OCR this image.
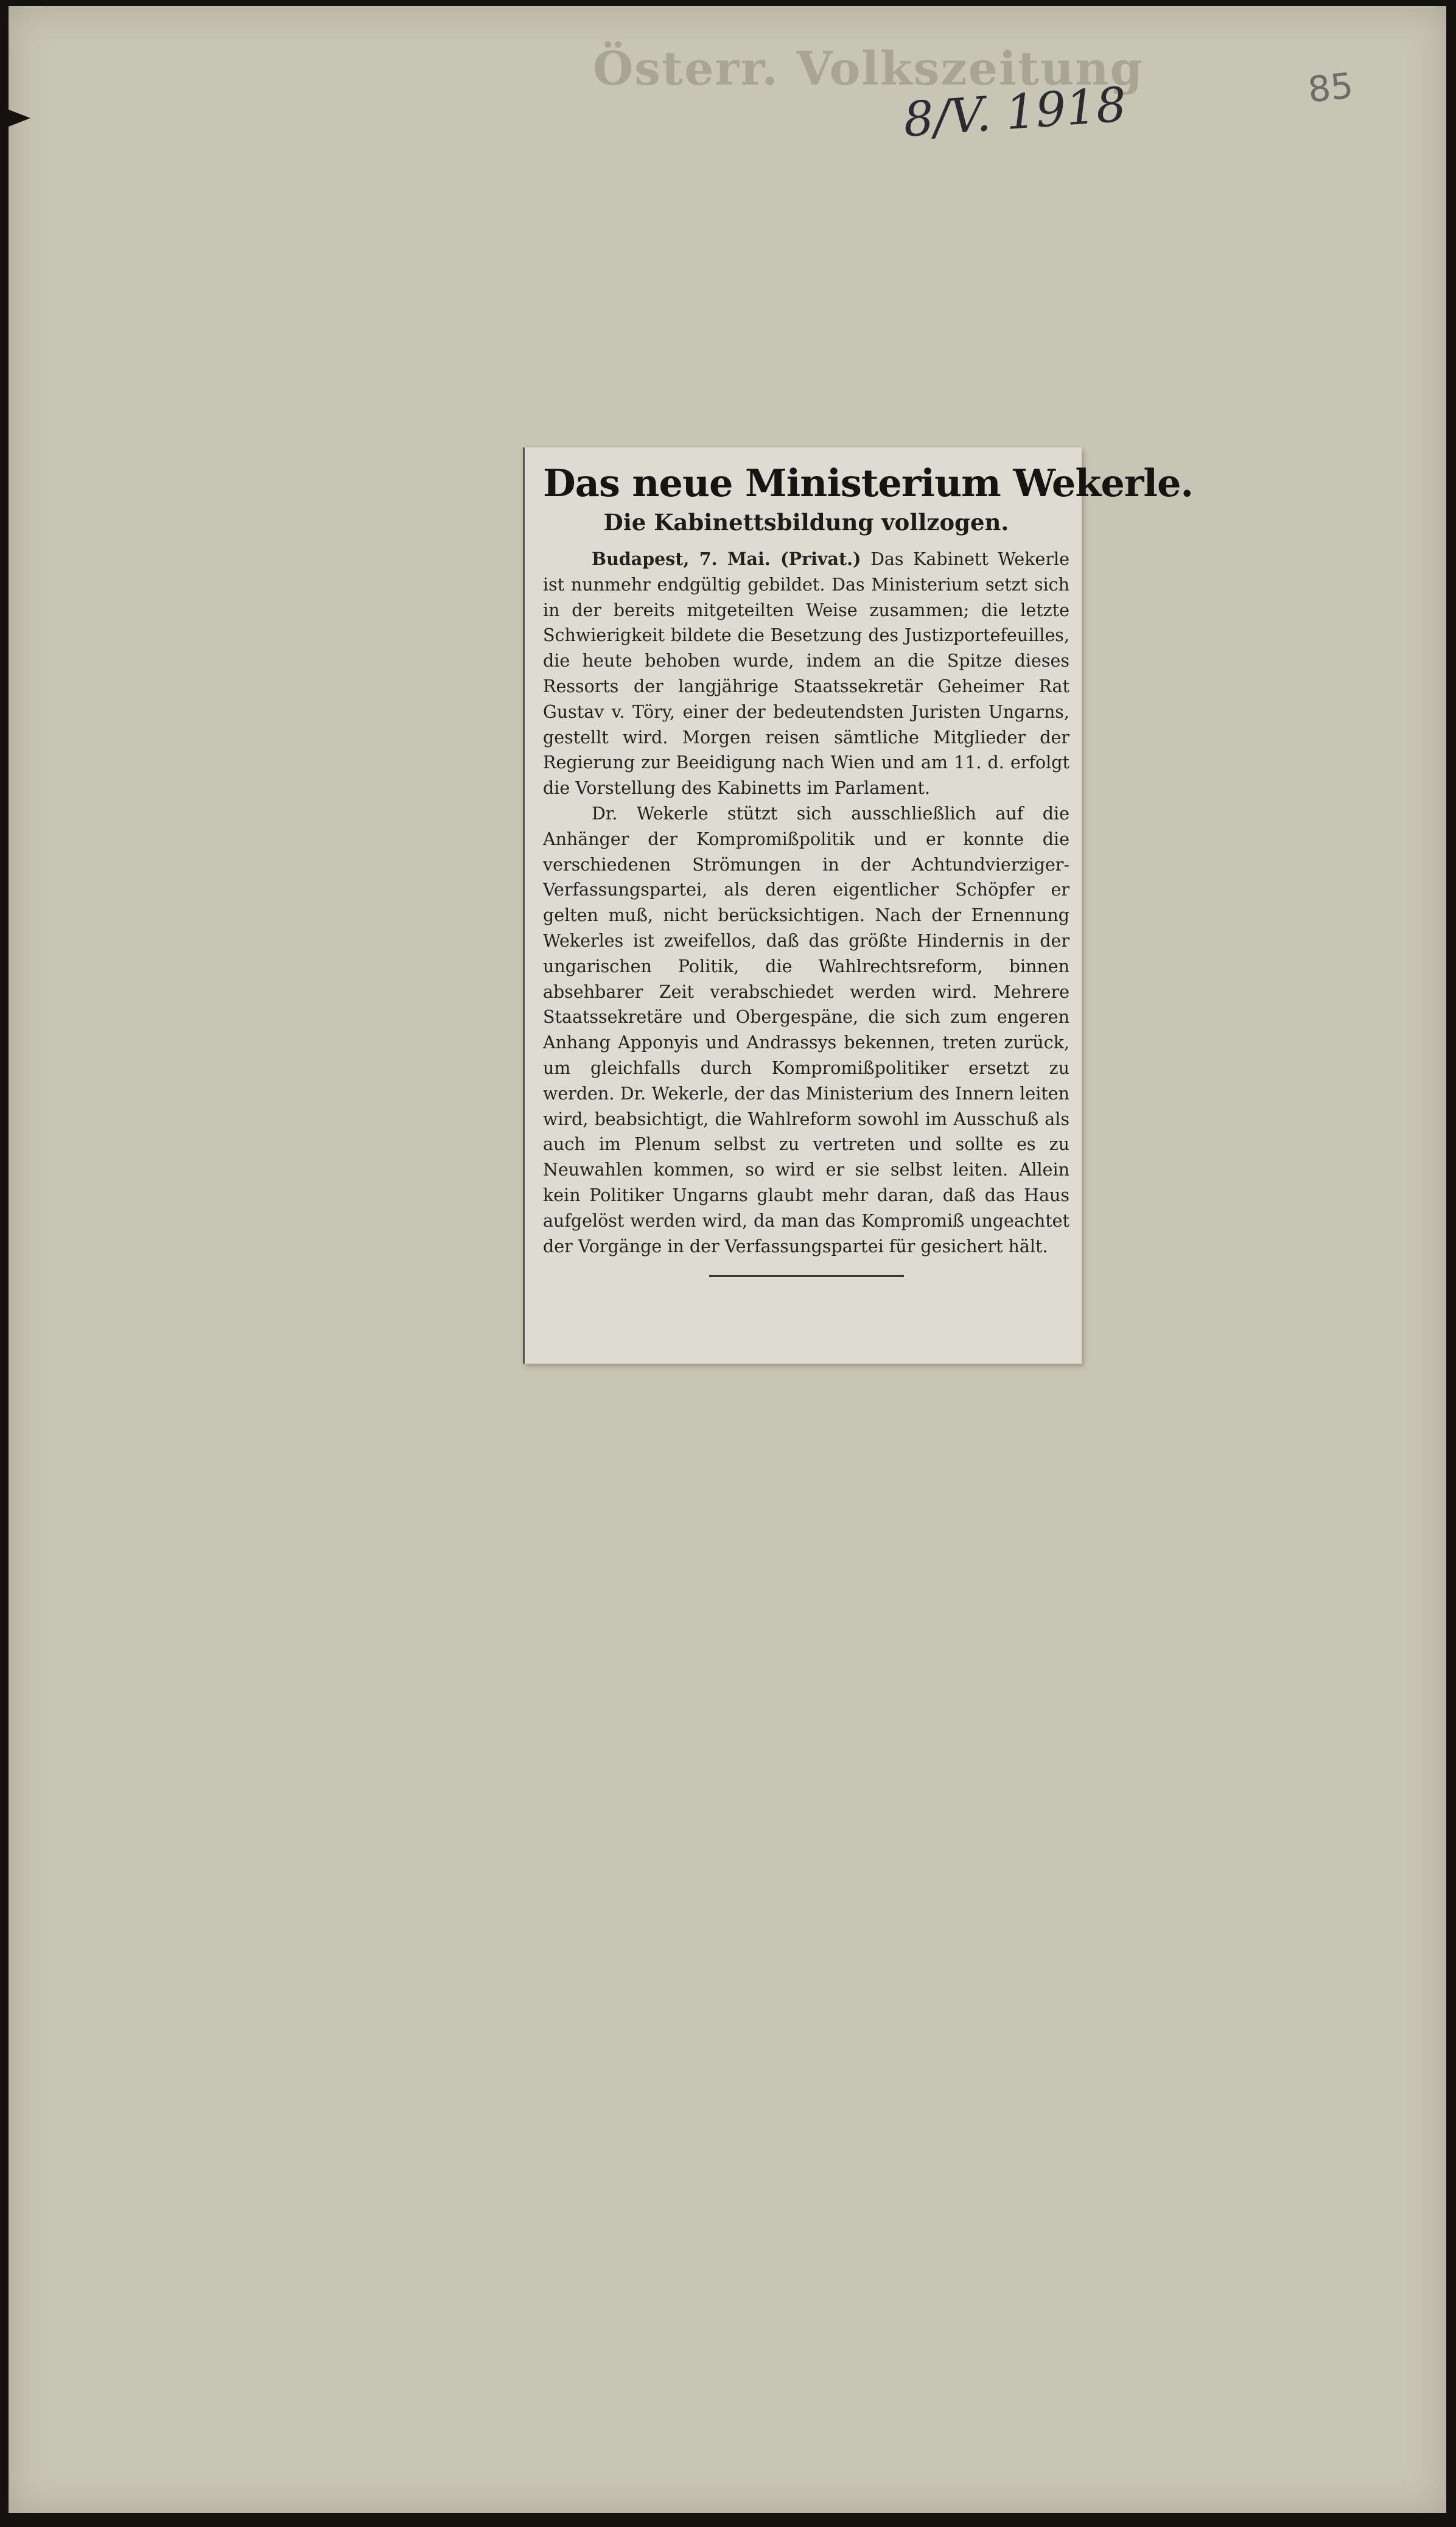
Österr. Volkszeitung
8/V. 1918	85
Das neue Ministerium Wekerle.
Die Kabinettsbildung vollzogen.

Budapest, 7. Mai. (Privat.) Das Kabinett Wekerle ist nunmehr endgültig gebildet. Das Ministerium setzt sich in der bereits mitgeteilten Weise zusammen; die letzte Schwierigkeit bildete die Besetzung des Justizportefeuilles, die heute behoben wurde, indem an die Spitze dieses Ressorts der langjährige Staatssekretär Geheimer Rat Gustav v. Töry, einer der bedeutendsten Juristen Ungarns, gestellt wird. Morgen reisen sämtliche Mitglieder der Regierung zur Beeidigung nach Wien und am 11. d. erfolgt die Vorstellung des Kabinetts im Parlament.

Dr. Wekerle stützt sich ausschließlich auf die Anhänger der Kompromißpolitik und er konnte die verschiedenen Strömungen in der Achtundvierziger-Verfassungspartei, als deren eigentlicher Schöpfer er gelten muß, nicht berücksichtigen. Nach der Ernennung Wekerles ist zweifellos, daß das größte Hindernis in der ungarischen Politik, die Wahlrechtsreform, binnen absehbarer Zeit verabschiedet werden wird. Mehrere Staatssekretäre und Obergespäne, die sich zum engeren Anhang Apponyis und Andrassys bekennen, treten zurück, um gleichfalls durch Kompromißpolitiker ersetzt zu werden. Dr. Wekerle, der das Ministerium des Innern leiten wird, beabsichtigt, die Wahlreform sowohl im Ausschuß als auch im Plenum selbst zu vertreten und sollte es zu Neuwahlen kommen, so wird er sie selbst leiten. Allein kein Politiker Ungarns glaubt mehr daran, daß das Haus aufgelöst werden wird, da man das Kompromiß ungeachtet der Vorgänge in der Verfassungspartei für gesichert hält.
